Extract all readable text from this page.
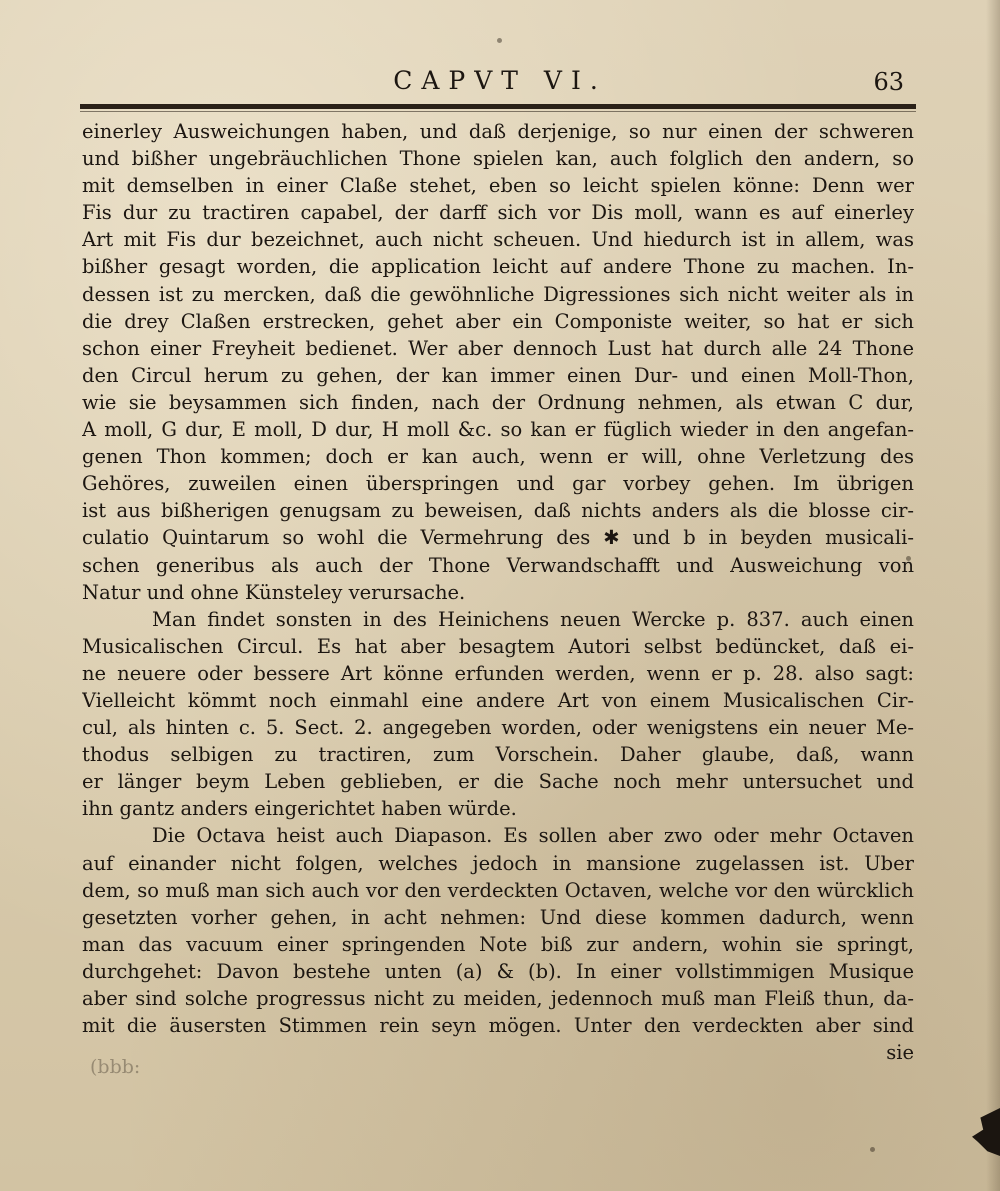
CAPVT VI.	63
einerley Ausweichungen haben, und daß derjenige, so nur einen der schweren
und bißher ungebräuchlichen Thone spielen kan, auch folglich den andern, so
mit demselben in einer Claße stehet, eben so leicht spielen könne: Denn wer
Fis dur zu tractiren capabel, der darff sich vor Dis moll, wann es auf einerley
Art mit Fis dur bezeichnet, auch nicht scheuen. Und hiedurch ist in allem, was
bißher gesagt worden, die application leicht auf andere Thone zu machen. In-
dessen ist zu mercken, daß die gewöhnliche Digressiones sich nicht weiter als in
die drey Claßen erstrecken, gehet aber ein Componiste weiter, so hat er sich
schon einer Freyheit bedienet. Wer aber dennoch Lust hat durch alle 24 Thone
den Circul herum zu gehen, der kan immer einen Dur- und einen Moll-Thon,
wie sie beysammen sich finden, nach der Ordnung nehmen, als etwan C dur,
A moll, G dur, E moll, D dur, H moll &c. so kan er füglich wieder in den angefan-
genen Thon kommen; doch er kan auch, wenn er will, ohne Verletzung des
Gehöres, zuweilen einen überspringen und gar vorbey gehen. Im übrigen
ist aus bißherigen genugsam zu beweisen, daß nichts anders als die blosse cir-
culatio Quintarum so wohl die Vermehrung des ✱ und b in beyden musicali-
schen generibus als auch der Thone Verwandschafft und Ausweichung von
Natur und ohne Künsteley verursache.
Man findet sonsten in des Heinichens neuen Wercke p. 837. auch einen
Musicalischen Circul. Es hat aber besagtem Autori selbst bedüncket, daß ei-
ne neuere oder bessere Art könne erfunden werden, wenn er p. 28. also sagt:
Vielleicht kömmt noch einmahl eine andere Art von einem Musicalischen Cir-
cul, als hinten c. 5. Sect. 2. angegeben worden, oder wenigstens ein neuer Me-
thodus selbigen zu tractiren, zum Vorschein. Daher glaube, daß, wann
er länger beym Leben geblieben, er die Sache noch mehr untersuchet und
ihn gantz anders eingerichtet haben würde.
Die Octava heist auch Diapason. Es sollen aber zwo oder mehr Octaven
auf einander nicht folgen, welches jedoch in mansione zugelassen ist. Uber
dem, so muß man sich auch vor den verdeckten Octaven, welche vor den würcklich
gesetzten vorher gehen, in acht nehmen: Und diese kommen dadurch, wenn
man das vacuum einer springenden Note biß zur andern, wohin sie springt,
durchgehet: Davon bestehe unten (a) & (b). In einer vollstimmigen Musique
aber sind solche progressus nicht zu meiden, jedennoch muß man Fleiß thun, da-
mit die äusersten Stimmen rein seyn mögen. Unter den verdeckten aber sind
sie
(bbb:
